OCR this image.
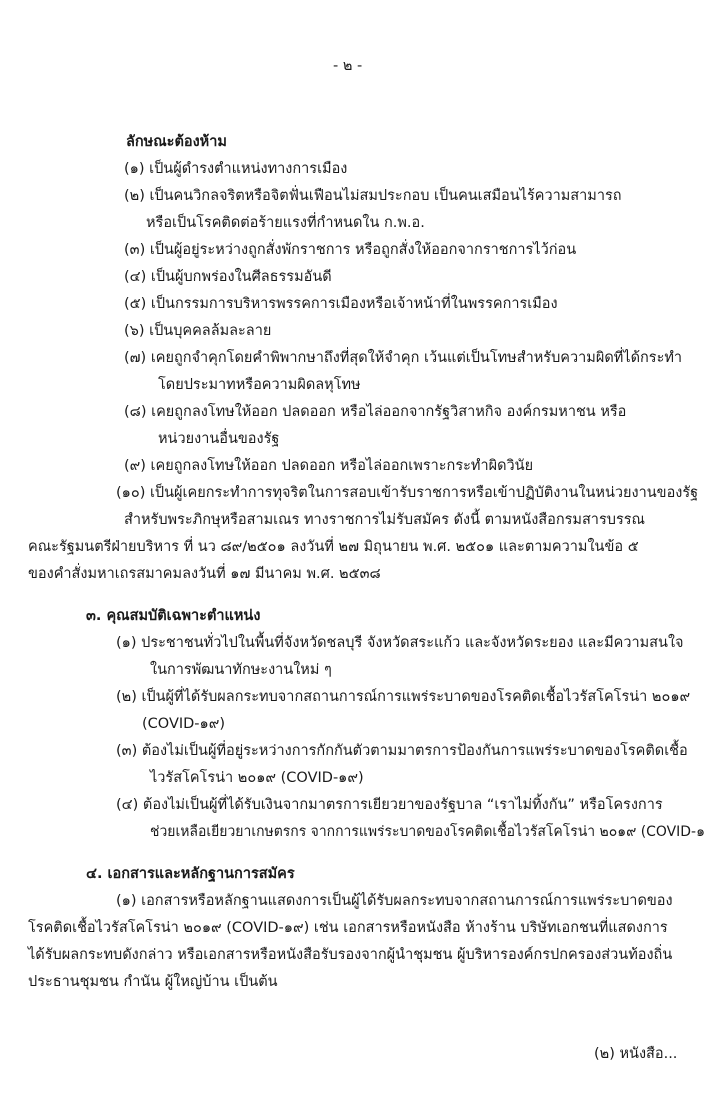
- ๒ -
ลักษณะต้องห้าม
(๑) เป็นผู้ดำรงตำแหน่งทางการเมือง
(๒) เป็นคนวิกลจริตหรือจิตฟั่นเฟือนไม่สมประกอบ เป็นคนเสมือนไร้ความสามารถ
หรือเป็นโรคติดต่อร้ายแรงที่กำหนดใน ก.พ.อ.
(๓) เป็นผู้อยู่ระหว่างถูกสั่งพักราชการ หรือถูกสั่งให้ออกจากราชการไว้ก่อน
(๔) เป็นผู้บกพร่องในศีลธรรมอันดี
(๕) เป็นกรรมการบริหารพรรคการเมืองหรือเจ้าหน้าที่ในพรรคการเมือง
(๖) เป็นบุคคลล้มละลาย
(๗) เคยถูกจำคุกโดยคำพิพากษาถึงที่สุดให้จำคุก เว้นแต่เป็นโทษสำหรับความผิดที่ได้กระทำ
โดยประมาทหรือความผิดลหุโทษ
(๘) เคยถูกลงโทษให้ออก ปลดออก หรือไล่ออกจากรัฐวิสาหกิจ องค์กรมหาชน หรือ
หน่วยงานอื่นของรัฐ
(๙) เคยถูกลงโทษให้ออก ปลดออก หรือไล่ออกเพราะกระทำผิดวินัย
(๑๐) เป็นผู้เคยกระทำการทุจริตในการสอบเข้ารับราชการหรือเข้าปฏิบัติงานในหน่วยงานของรัฐ
สำหรับพระภิกษุหรือสามเณร ทางราชการไม่รับสมัคร ดังนี้ ตามหนังสือกรมสารบรรณ
คณะรัฐมนตรีฝ่ายบริหาร ที่ นว ๘๙/๒๕๐๑ ลงวันที่ ๒๗ มิถุนายน พ.ศ. ๒๕๐๑ และตามความในข้อ ๕
ของคำสั่งมหาเถรสมาคมลงวันที่ ๑๗ มีนาคม พ.ศ. ๒๕๓๘
๓. คุณสมบัติเฉพาะตำแหน่ง
(๑) ประชาชนทั่วไปในพื้นที่จังหวัดชลบุรี จังหวัดสระแก้ว และจังหวัดระยอง และมีความสนใจ
ในการพัฒนาทักษะงานใหม่ ๆ
(๒) เป็นผู้ที่ได้รับผลกระทบจากสถานการณ์การแพร่ระบาดของโรคติดเชื้อไวรัสโคโรน่า ๒๐๑๙
(COVID-๑๙)
(๓) ต้องไม่เป็นผู้ที่อยู่ระหว่างการกักกันตัวตามมาตรการป้องกันการแพร่ระบาดของโรคติดเชื้อ
ไวรัสโคโรน่า ๒๐๑๙ (COVID-๑๙)
(๔) ต้องไม่เป็นผู้ที่ได้รับเงินจากมาตรการเยียวยาของรัฐบาล “เราไม่ทิ้งกัน” หรือโครงการ
ช่วยเหลือเยียวยาเกษตรกร จากการแพร่ระบาดของโรคติดเชื้อไวรัสโคโรน่า ๒๐๑๙ (COVID-๑
๔. เอกสารและหลักฐานการสมัคร
(๑) เอกสารหรือหลักฐานแสดงการเป็นผู้ได้รับผลกระทบจากสถานการณ์การแพร่ระบาดของ
โรคติดเชื้อไวรัสโคโรน่า ๒๐๑๙ (COVID-๑๙) เช่น เอกสารหรือหนังสือ ห้างร้าน บริษัทเอกชนที่แสดงการ
ได้รับผลกระทบดังกล่าว หรือเอกสารหรือหนังสือรับรองจากผู้นำชุมชน ผู้บริหารองค์กรปกครองส่วนท้องถิ่น
ประธานชุมชน กำนัน ผู้ใหญ่บ้าน เป็นต้น
(๒) หนังสือ...
